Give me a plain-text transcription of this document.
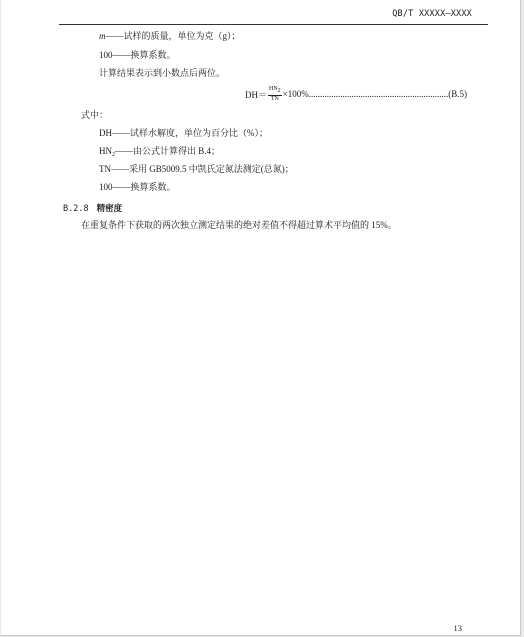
QB/T XXXXX—XXXX
m——试样的质量，单位为克（g）；
100——换算系数。
计算结果表示到小数点后两位。
$DH= \frac{HN2}{TN} \times 100\%$ .............................................................. (B.5)
式中：
DH——试样水解度，单位为百分比（%）；
$HN_2——$由公式计算得出 B.4；
TN——采用 GB5009.5 中凯氏定氮法测定(总氮)；
100——换算系数。
B.2.8 精密度
在重复条件下获取的两次独立测定结果的绝对差值不得超过算术平均值的 15%。
13
